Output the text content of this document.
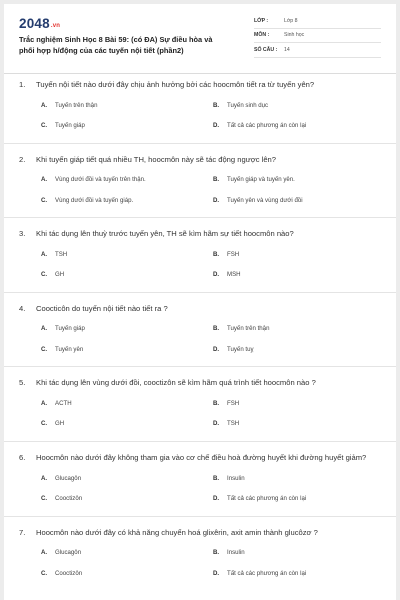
2048.vn
Trắc nghiệm Sinh Học 8 Bài 59: (có ĐA) Sự điều hòa và phối hợp h/động của các tuyến nội tiết (phần2)
LỚP :	Lớp 8
MÔN :	Sinh học
SỐ CÂU :	14
1.	Tuyến nội tiết nào dưới đây chịu ảnh hưởng bởi các hoocmôn tiết ra từ tuyến yên?
A.	Tuyến trên thận	B.	Tuyến sinh dục
C.	Tuyến giáp	D.	Tất cả các phương án còn lại
2.	Khi tuyến giáp tiết quá nhiều TH, hoocmôn này sẽ tác động ngược lên?
A.	Vùng dưới đồi và tuyến trên thận.	B.	Tuyến giáp và tuyến yên.
C.	Vùng dưới đồi và tuyến giáp.	D.	Tuyến yên và vùng dưới đồi
3.	Khi tác dụng lên thuỳ trước tuyến yên, TH sẽ kìm hãm sự tiết hoocmôn nào?
A.	TSH	B.	FSH
C.	GH	D.	MSH
4.	Coocticôn do tuyến nội tiết nào tiết ra ?
A.	Tuyến giáp	B.	Tuyến trên thận
C.	Tuyến yên	D.	Tuyến tuỵ
5.	Khi tác dụng lên vùng dưới đồi, cooctizôn sẽ kìm hãm quá trình tiết hoocmôn nào ?
A.	ACTH	B.	FSH
C.	GH	D.	TSH
6.	Hoocmôn nào dưới đây không tham gia vào cơ chế điều hoà đường huyết khi đường huyết giảm?
A.	Glucagôn	B.	Insulin
C.	Cooctizôn	D.	Tất cả các phương án còn lại
7.	Hoocmôn nào dưới đây có khả năng chuyển hoá glixêrin, axit amin thành glucôzơ ?
A.	Glucagôn	B.	Insulin
C.	Cooctizôn	D.	Tất cả các phương án còn lại
